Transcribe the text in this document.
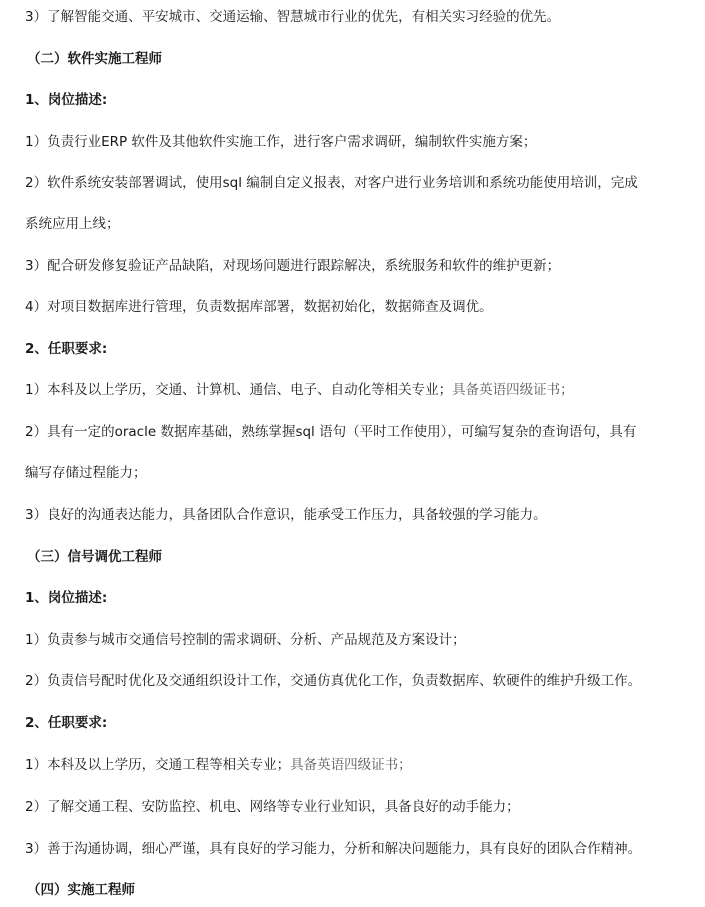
3）了解智能交通、平安城市、交通运输、智慧城市行业的优先，有相关实习经验的优先。
（二）软件实施工程师
1、岗位描述:
1）负责行业ERP 软件及其他软件实施工作，进行客户需求调研，编制软件实施方案；
2）软件系统安装部署调试，使用sql 编制自定义报表，对客户进行业务培训和系统功能使用培训，完成
系统应用上线；
3）配合研发修复验证产品缺陷，对现场问题进行跟踪解决，系统服务和软件的维护更新；
4）对项目数据库进行管理，负责数据库部署，数据初始化，数据筛查及调优。
2、任职要求:
1）本科及以上学历，交通、计算机、通信、电子、自动化等相关专业；具备英语四级证书；
2）具有一定的oracle 数据库基础，熟练掌握sql 语句（平时工作使用），可编写复杂的查询语句，具有
编写存储过程能力；
3）良好的沟通表达能力，具备团队合作意识，能承受工作压力，具备较强的学习能力。
（三）信号调优工程师
1、岗位描述:
1）负责参与城市交通信号控制的需求调研、分析、产品规范及方案设计；
2）负责信号配时优化及交通组织设计工作，交通仿真优化工作，负责数据库、软硬件的维护升级工作。
2、任职要求:
1）本科及以上学历，交通工程等相关专业；具备英语四级证书；
2）了解交通工程、安防监控、机电、网络等专业行业知识，具备良好的动手能力；
3）善于沟通协调，细心严谨，具有良好的学习能力，分析和解决问题能力，具有良好的团队合作精神。
（四）实施工程师
